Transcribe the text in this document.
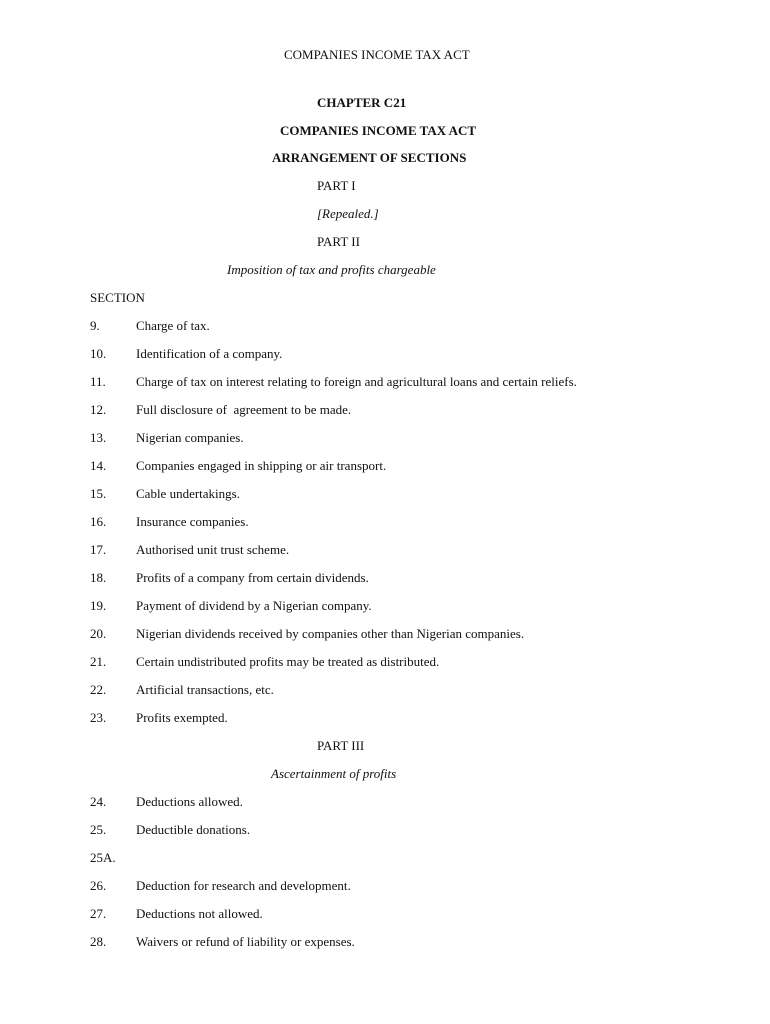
COMPANIES INCOME TAX ACT
CHAPTER C21
COMPANIES INCOME TAX ACT
ARRANGEMENT OF SECTIONS
PART I
[Repealed.]
PART II
Imposition of tax and profits chargeable
SECTION
9.	Charge of tax.
10. Identification of a company.
11. Charge of tax on interest relating to foreign and agricultural loans and certain reliefs.
12. Full disclosure of  agreement to be made.
13. Nigerian companies.
14. Companies engaged in shipping or air transport.
15. Cable undertakings.
16. Insurance companies.
17. Authorised unit trust scheme.
18. Profits of a company from certain dividends.
19. Payment of dividend by a Nigerian company.
20. Nigerian dividends received by companies other than Nigerian companies.
21. Certain undistributed profits may be treated as distributed.
22. Artificial transactions, etc.
23. Profits exempted.
PART III
Ascertainment of profits
24. Deductions allowed.
25. Deductible donations.
25A.
26. Deduction for research and development.
27. Deductions not allowed.
28. Waivers or refund of liability or expenses.
